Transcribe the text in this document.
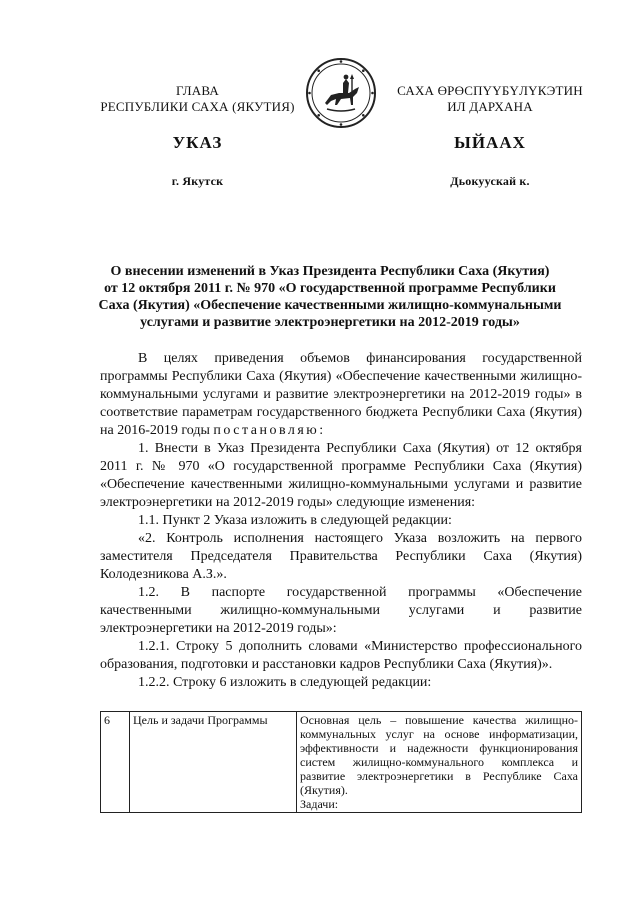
ГЛАВА
РЕСПУБЛИКИ САХА (ЯКУТИЯ)
УКАЗ
г. Якутск
САХА ӨРӨСПҮҮБҮЛҮКЭТИН
ИЛ ДАРХАНА
ЫЙААХ
Дьокуускай к.
О внесении изменений в Указ Президента Республики Саха (Якутия)
от 12 октября 2011 г. № 970 «О государственной программе Республики
Саха (Якутия) «Обеспечение качественными жилищно-коммунальными
услугами и развитие электроэнергетики на 2012-2019 годы»

В целях приведения объемов финансирования государственной программы Республики Саха (Якутия) «Обеспечение качественными жилищно-коммунальными услугами и развитие электроэнергетики на 2012-2019 годы» в соответствие параметрам государственного бюджета Республики Саха (Якутия) на 2016-2019 годы постановляю:

1. Внести в Указ Президента Республики Саха (Якутия) от 12 октября 2011 г. № 970 «О государственной программе Республики Саха (Якутия) «Обеспечение качественными жилищно-коммунальными услугами и развитие электроэнергетики на 2012-2019 годы» следующие изменения:

1.1. Пункт 2 Указа изложить в следующей редакции:

«2. Контроль исполнения настоящего Указа возложить на первого заместителя Председателя Правительства Республики Саха (Якутия) Колодезникова А.З.».

1.2. В паспорте государственной программы «Обеспечение качественными жилищно-коммунальными услугами и развитие электроэнергетики на 2012-2019 годы»:

1.2.1. Строку 5 дополнить словами «Министерство профессионального образования, подготовки и расстановки кадров Республики Саха (Якутия)».

1.2.2. Строку 6 изложить в следующей редакции:

6	Цель и задачи Программы	Основная цель – повышение качества жилищно-коммунальных услуг на основе информатизации, эффективности и надежности функционирования систем жилищно-коммунального комплекса и развитие электроэнергетики в Республике Саха (Якутия).
Задачи:
